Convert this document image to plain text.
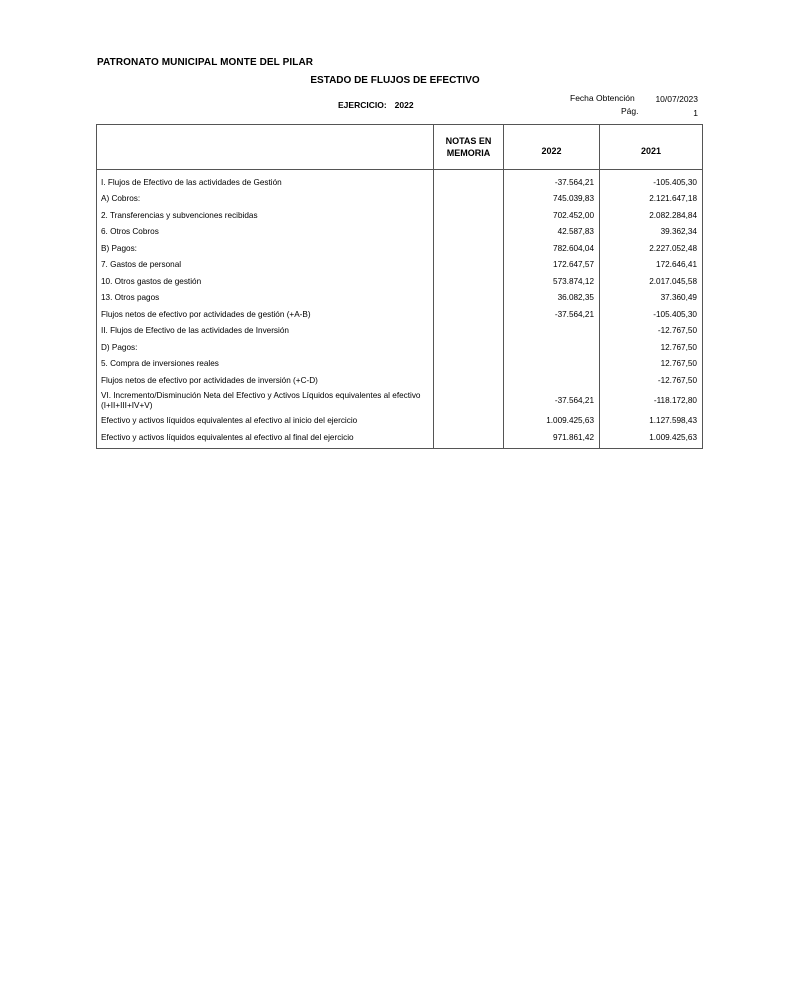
PATRONATO MUNICIPAL MONTE DEL PILAR
ESTADO DE FLUJOS DE EFECTIVO
EJERCICIO: 2022
Fecha Obtención	10/07/2023
Pág.	1
	NOTAS EN MEMORIA	2022	2021
I. Flujos de Efectivo de las actividades de Gestión		-37.564,21	-105.405,30
A) Cobros:		745.039,83	2.121.647,18
2. Transferencias y subvenciones recibidas		702.452,00	2.082.284,84
6. Otros Cobros		42.587,83	39.362,34
B) Pagos:		782.604,04	2.227.052,48
7. Gastos de personal		172.647,57	172.646,41
10. Otros gastos de gestión		573.874,12	2.017.045,58
13. Otros pagos		36.082,35	37.360,49
Flujos netos de efectivo por actividades de gestión (+A-B)		-37.564,21	-105.405,30
II. Flujos de Efectivo de las actividades de Inversión			-12.767,50
D) Pagos:			12.767,50
5. Compra de inversiones reales			12.767,50
Flujos netos de efectivo por actividades de inversión (+C-D)			-12.767,50
VI. Incremento/Disminución Neta del Efectivo y Activos Líquidos equivalentes al efectivo (I+II+III+IV+V)		-37.564,21	-118.172,80
Efectivo y activos líquidos equivalentes al efectivo al inicio del ejercicio		1.009.425,63	1.127.598,43
Efectivo y activos líquidos equivalentes al efectivo al final del ejercicio		971.861,42	1.009.425,63
